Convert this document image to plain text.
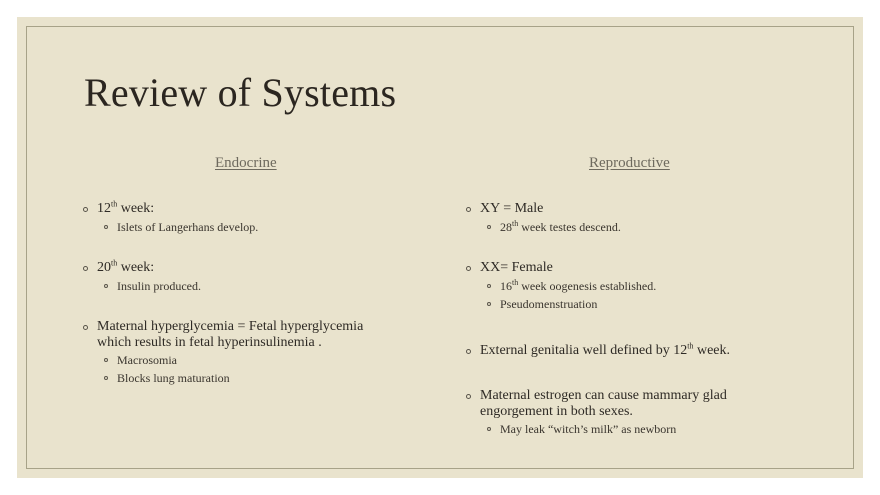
Review of Systems
Endocrine
12th week:
Islets of Langerhans develop.
20th week:
Insulin produced.
Maternal hyperglycemia = Fetal hyperglycemia
which results in fetal hyperinsulinemia .
Macrosomia
Blocks lung maturation
Reproductive
XY = Male
28th week testes descend.
XX= Female
16th week oogenesis established.
Pseudomenstruation
External genitalia well defined by 12th week.
Maternal estrogen can cause mammary glad
engorgement in both sexes.
May leak “witch’s milk” as newborn
